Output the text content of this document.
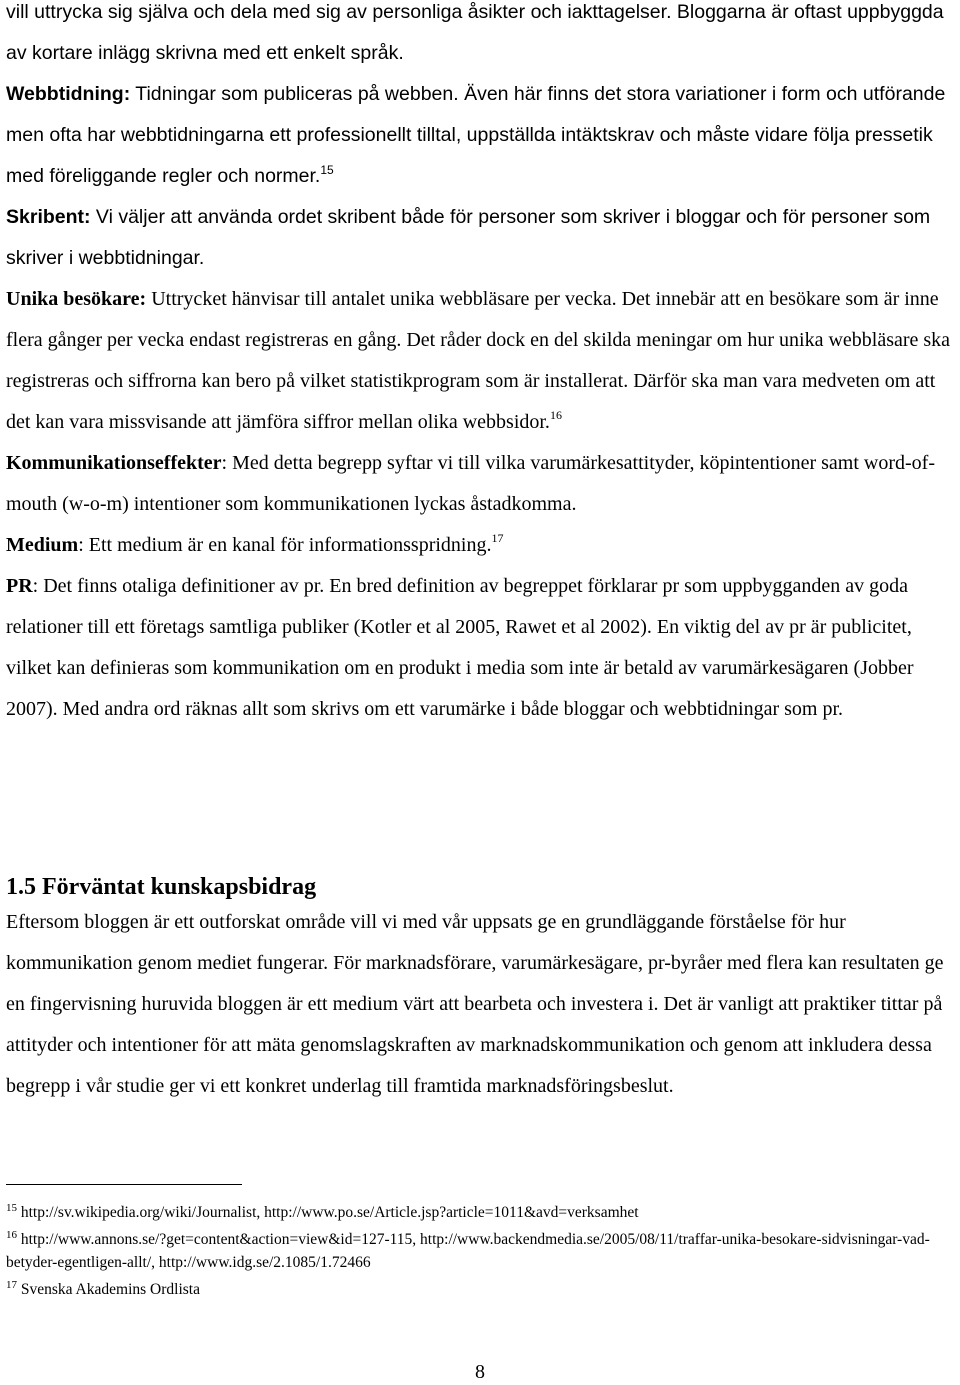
vill uttrycka sig själva och dela med sig av personliga åsikter och iakttagelser. Bloggarna är oftast uppbyggda av kortare inlägg skrivna med ett enkelt språk.

Webbtidning: Tidningar som publiceras på webben. Även här finns det stora variationer i form och utförande men ofta har webbtidningarna ett professionellt tilltal, uppställda intäktskrav och måste vidare följa pressetik med föreliggande regler och normer.$^{15}$

Skribent: Vi väljer att använda ordet skribent både för personer som skriver i bloggar och för personer som skriver i webbtidningar.

Unika besökare: Uttrycket hänvisar till antalet unika webbläsare per vecka. Det innebär att en besökare som är inne flera gånger per vecka endast registreras en gång. Det råder dock en del skilda meningar om hur unika webbläsare ska registreras och siffrorna kan bero på vilket statistikprogram som är installerat. Därför ska man vara medveten om att det kan vara missvisande att jämföra siffror mellan olika webbsidor.$^{16}$

Kommunikationseffekter: Med detta begrepp syftar vi till vilka varumärkesattityder, köpintentioner samt word-of-mouth (w-o-m) intentioner som kommunikationen lyckas åstadkomma.

Medium: Ett medium är en kanal för informationsspridning.$^{17}$

PR: Det finns otaliga definitioner av pr. En bred definition av begreppet förklarar pr som uppbygganden av goda relationer till ett företags samtliga publiker (Kotler et al 2005, Rawet et al 2002). En viktig del av pr är publicitet, vilket kan definieras som kommunikation om en produkt i media som inte är betald av varumärkesägaren (Jobber 2007). Med andra ord räknas allt som skrivs om ett varumärke i både bloggar och webbtidningar som pr.

1.5 Förväntat kunskapsbidrag

Eftersom bloggen är ett outforskat område vill vi med vår uppsats ge en grundläggande förståelse för hur kommunikation genom mediet fungerar. För marknadsförare, varumärkesägare, pr-byråer med flera kan resultaten ge en fingervisning huruvida bloggen är ett medium värt att bearbeta och investera i. Det är vanligt att praktiker tittar på attityder och intentioner för att mäta genomslagskraften av marknadskommunikation och genom att inkludera dessa begrepp i vår studie ger vi ett konkret underlag till framtida marknadsföringsbeslut.

$^{15}$ http://sv.wikipedia.org/wiki/Journalist, http://www.po.se/Article.jsp?article=1011&avd=verksamhet

$^{16}$ http://www.annons.se/?get=content&action=view&id=127-115, http://www.backendmedia.se/2005/08/11/traffar-unika-besokare-sidvisningar-vad-betyder-egentligen-allt/, http://www.idg.se/2.1085/1.72466

$^{17}$ Svenska Akademins Ordlista

8
